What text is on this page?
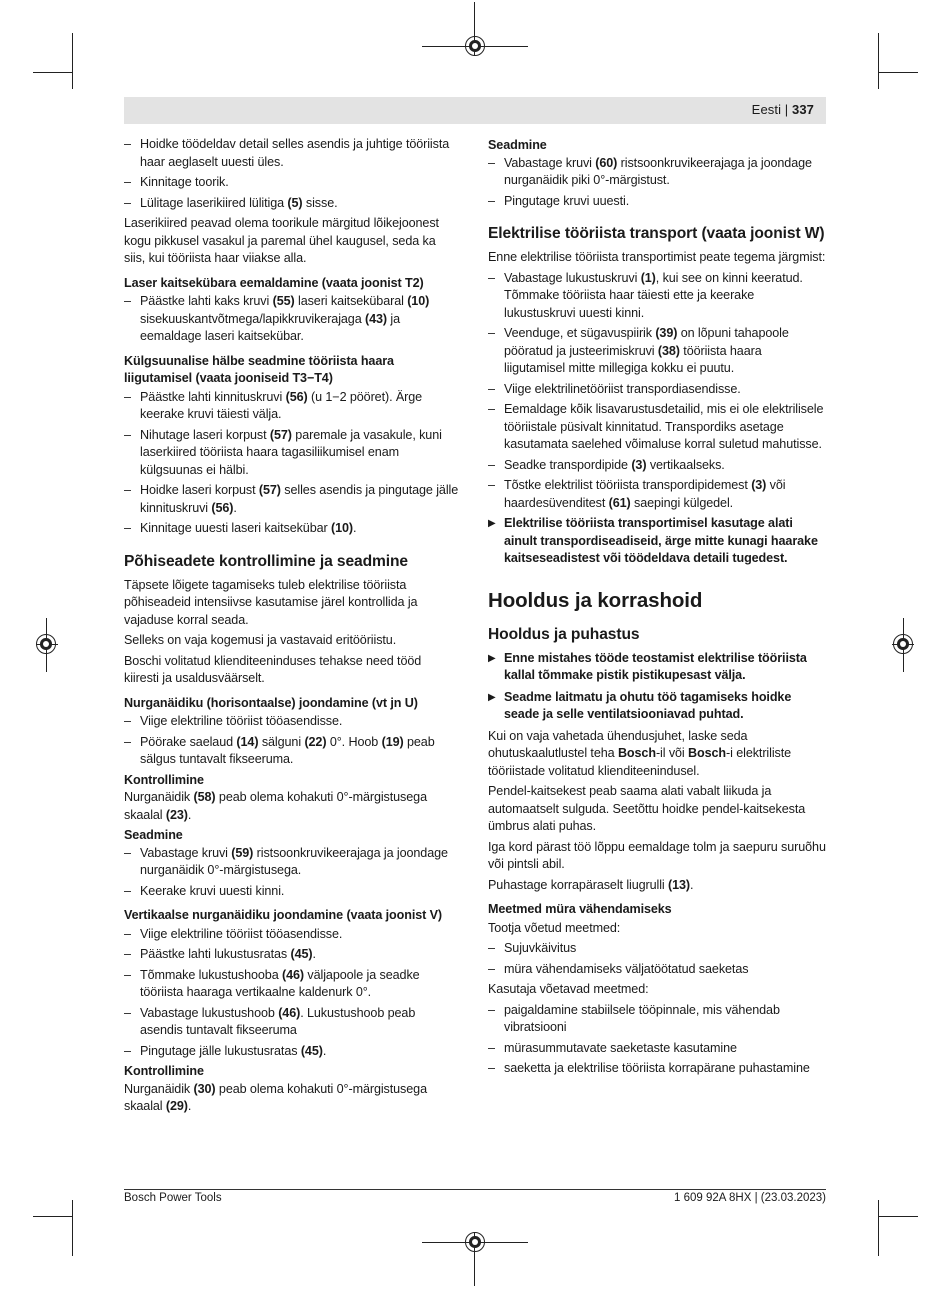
Eesti | 337
– Hoidke töödeldav detail selles asendis ja juhtige tööriista haar aeglaselt uuesti üles.
– Kinnitage toorik.
– Lülitage laserikiired lülitiga (5) sisse.
Laserikiired peavad olema toorikule märgitud lõikejoonest kogu pikkusel vasakul ja paremal ühel kaugusel, seda ka siis, kui tööriista haar viiakse alla.
Laser kaitsekübara eemaldamine (vaata joonist T2)
– Päästke lahti kaks kruvi (55) laseri kaitsekübaral (10) sisekuuskantvõtmega/lapikkruvikerajaga (43) ja eemaldage laseri kaitsekübar.
Külgsuunalise hälbe seadmine tööriista haara liigutamisel (vaata jooniseid T3−T4)
– Päästke lahti kinnituskruvi (56) (u 1−2 pööret). Ärge keerake kruvi täiesti välja.
– Nihutage laseri korpust (57) paremale ja vasakule, kuni laserkiired tööriista haara tagasiliikumisel enam külgsuunas ei hälbi.
– Hoidke laseri korpust (57) selles asendis ja pingutage jälle kinnituskruvi (56).
– Kinnitage uuesti laseri kaitsekübar (10).
Põhiseadete kontrollimine ja seadmine
Täpsete lõigete tagamiseks tuleb elektrilise tööriista põhiseadeid intensiivse kasutamise järel kontrollida ja vajaduse korral seada.
Selleks on vaja kogemusi ja vastavaid eritööriistu.
Boschi volitatud klienditeeninduses tehakse need tööd kiiresti ja usaldusväärselt.
Nurganäidiku (horisontaalse) joondamine (vt jn U)
– Viige elektriline tööriist tööasendisse.
– Pöörake saelaud (14) sälguni (22) 0°. Hoob (19) peab sälgus tuntavalt fikseeruma.
Kontrollimine
Nurganäidik (58) peab olema kohakuti 0°-märgistusega skaalal (23).
Seadmine
– Vabastage kruvi (59) ristsoonkruvikeerajaga ja joondage nurganäidik 0°-märgistusega.
– Keerake kruvi uuesti kinni.
Vertikaalse nurganäidiku joondamine (vaata joonist V)
– Viige elektriline tööriist tööasendisse.
– Päästke lahti lukustusratas (45).
– Tõmmake lukustushooba (46) väljapoole ja seadke tööriista haaraga vertikaalne kaldenurk 0°.
– Vabastage lukustushoob (46). Lukustushoob peab asendis tuntavalt fikseeruma
– Pingutage jälle lukustusratas (45).
Kontrollimine
Nurganäidik (30) peab olema kohakuti 0°-märgistusega skaalal (29).
Seadmine
– Vabastage kruvi (60) ristsoonkruvikeerajaga ja joondage nurganäidik piki 0°-märgistust.
– Pingutage kruvi uuesti.
Elektrilise tööriista transport (vaata joonist W)
Enne elektrilise tööriista transportimist peate tegema järgmist:
– Vabastage lukustuskruvi (1), kui see on kinni keeratud. Tõmmake tööriista haar täiesti ette ja keerake lukustuskruvi uuesti kinni.
– Veenduge, et sügavuspiirik (39) on lõpuni tahapoole pööratud ja justeerimiskruvi (38) tööriista haara liigutamisel mitte millegiga kokku ei puutu.
– Viige elektrilinetööriist transpordiasendisse.
– Eemaldage kõik lisavarustusdetailid, mis ei ole elektrilisele tööriistale püsivalt kinnitatud. Transpordiks asetage kasutamata saelehed võimaluse korral suletud mahutisse.
– Seadke transpordipide (3) vertikaalseks.
– Tõstke elektrilist tööriista transpordipidemest (3) või haardesüvenditest (61) saepingi külgedel.
▶ Elektrilise tööriista transportimisel kasutage alati ainult transpordiseadiseid, ärge mitte kunagi haarake kaitseseadistest või töödeldava detaili tugedest.
Hooldus ja korrashoid
Hooldus ja puhastus
▶ Enne mistahes tööde teostamist elektrilise tööriista kallal tõmmake pistik pistikupesast välja.
▶ Seadme laitmatu ja ohutu töö tagamiseks hoidke seade ja selle ventilatsiooniavad puhtad.
Kui on vaja vahetada ühendusjuhet, laske seda ohutuskaalutlustel teha Bosch-il või Bosch-i elektriliste tööriistade volitatud klienditeenindusel.
Pendel-kaitsekest peab saama alati vabalt liikuda ja automaatselt sulguda. Seetõttu hoidke pendel-kaitsekesta ümbrus alati puhas.
Iga kord pärast töö lõppu eemaldage tolm ja saepuru suruõhu või pintsli abil.
Puhastage korrapäraselt liugrulli (13).
Meetmed müra vähendamiseks
Tootja võetud meetmed:
– Sujuvkäivitus
– müra vähendamiseks väljatöötatud saeketas
Kasutaja võetavad meetmed:
– paigaldamine stabiilsele tööpinnale, mis vähendab vibratsiooni
– mürasummutavate saeketaste kasutamine
– saeketta ja elektrilise tööriista korrapärane puhastamine
Bosch Power Tools	1 609 92A 8HX | (23.03.2023)
